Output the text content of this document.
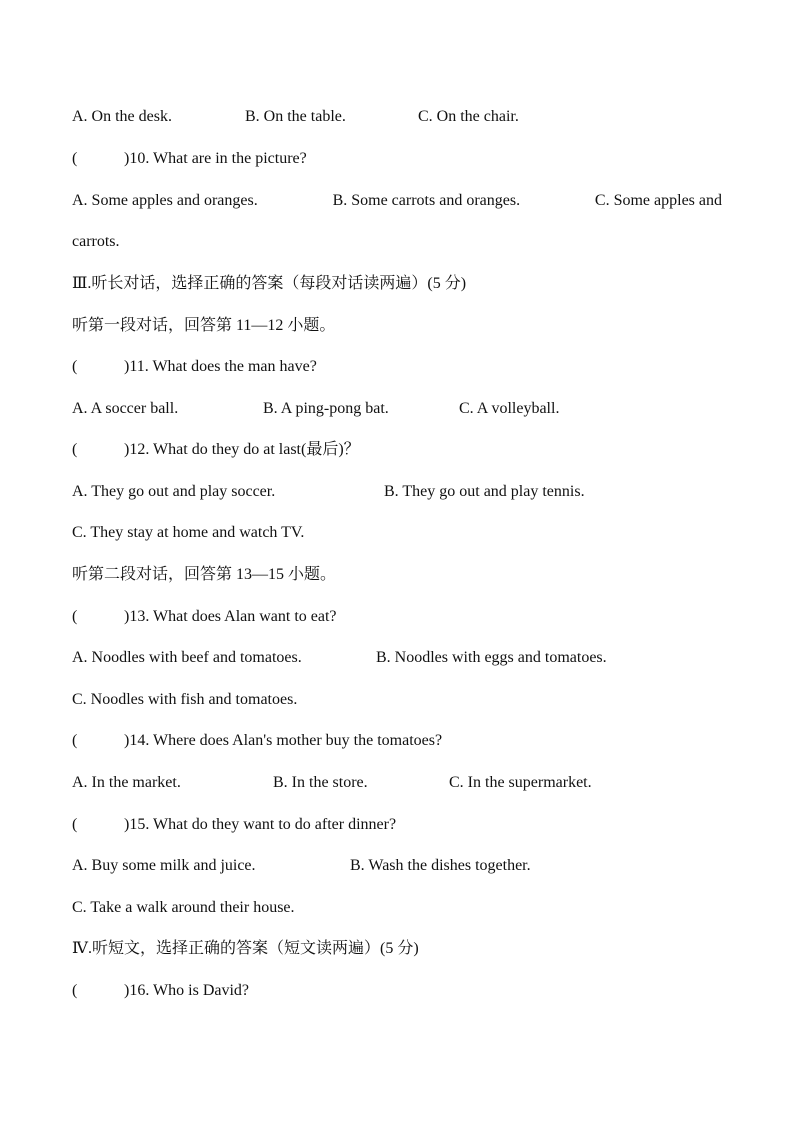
A. On the desk.	B. On the table.	C. On the chair.
(	)10. What are in the picture?
A. Some apples and oranges.	B. Some carrots and oranges.	C. Some apples and
carrots.
Ⅲ.听长对话，选择正确的答案（每段对话读两遍）(5 分)
听第一段对话，回答第 11—12 小题。
(	)11. What does the man have?
A. A soccer ball.	B. A ping-pong bat.	C. A volleyball.
(	)12. What do they do at last(最后)？
A. They go out and play soccer.	B. They go out and play tennis.
C. They stay at home and watch TV.
听第二段对话，回答第 13—15 小题。
(	)13. What does Alan want to eat?
A. Noodles with beef and tomatoes.	B. Noodles with eggs and tomatoes.
C. Noodles with fish and tomatoes.
(	)14. Where does Alan's mother buy the tomatoes?
A. In the market.	B. In the store.	C. In the supermarket.
(	)15. What do they want to do after dinner?
A. Buy some milk and juice.	B. Wash the dishes together.
C. Take a walk around their house.
Ⅳ.听短文，选择正确的答案（短文读两遍）(5 分)
(	)16. Who is David?
